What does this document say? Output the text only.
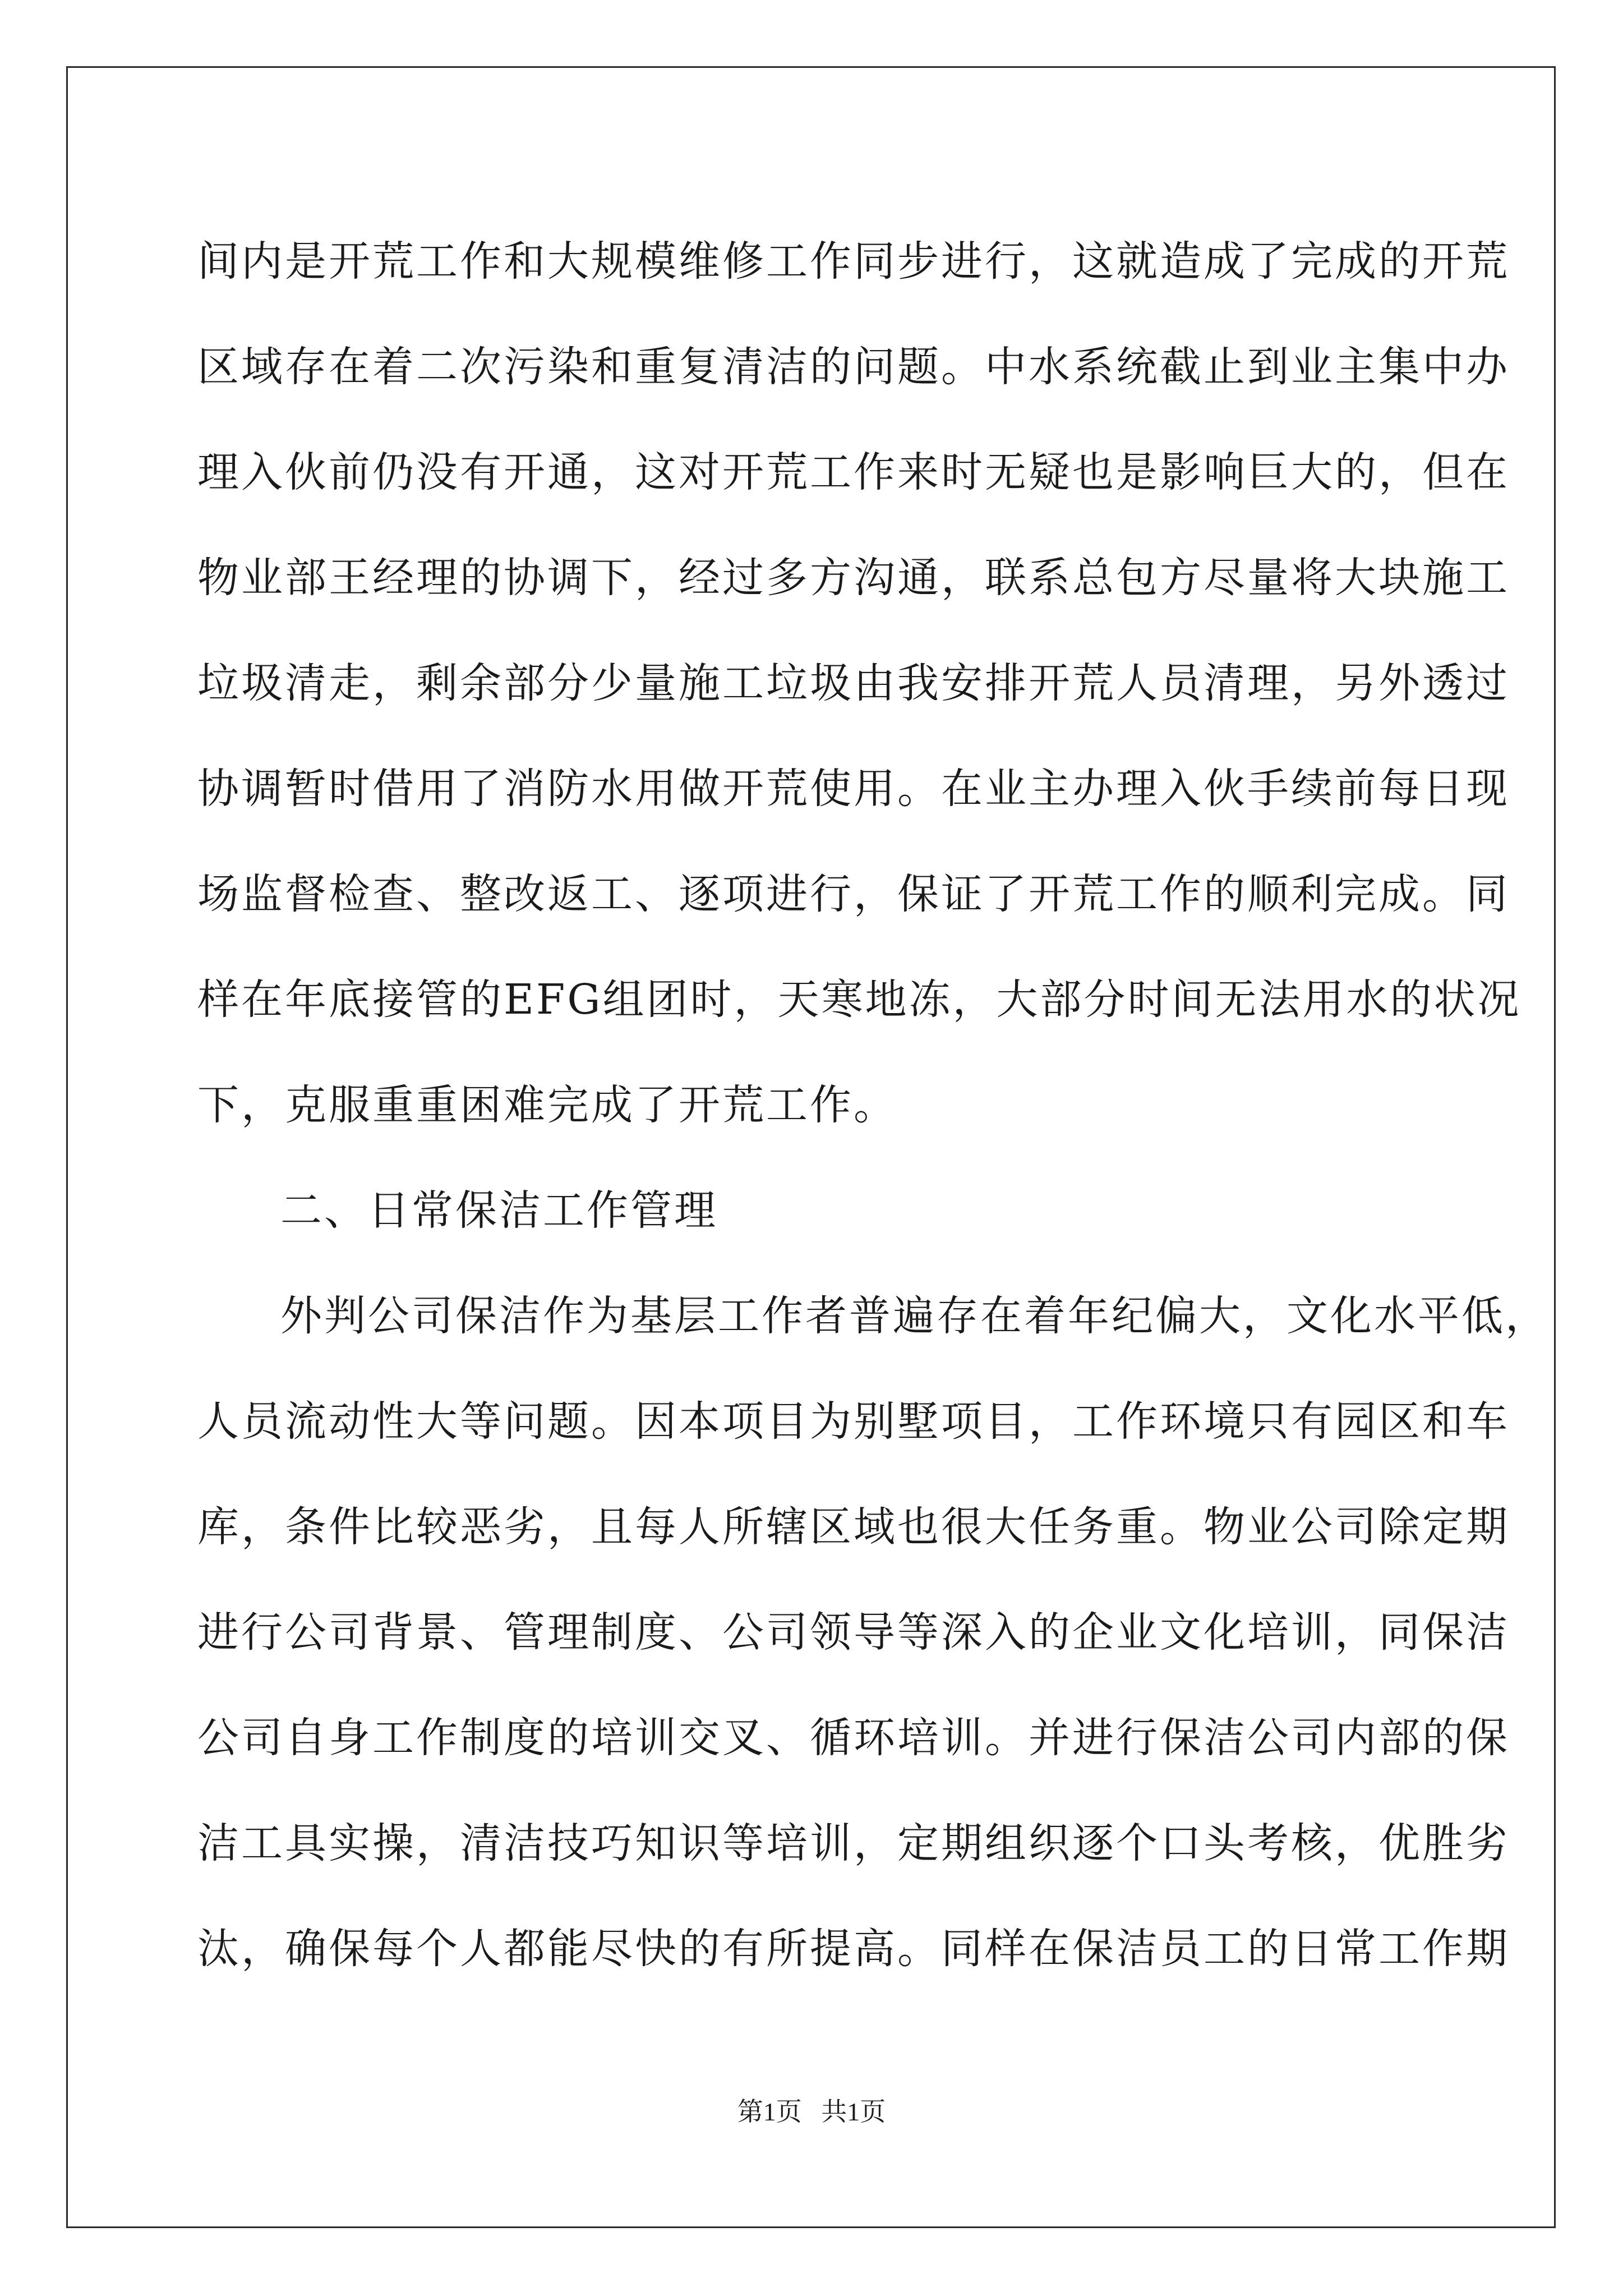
间内是开荒工作和大规模维修工作同步进行，这就造成了完成的开荒
区域存在着二次污染和重复清洁的问题。中水系统截止到业主集中办
理入伙前仍没有开通，这对开荒工作来时无疑也是影响巨大的，但在
物业部王经理的协调下，经过多方沟通，联系总包方尽量将大块施工
垃圾清走，剩余部分少量施工垃圾由我安排开荒人员清理，另外透过
协调暂时借用了消防水用做开荒使用。在业主办理入伙手续前每日现
场监督检查、整改返工、逐项进行，保证了开荒工作的顺利完成。同
样在年底接管的EFG组团时，天寒地冻，大部分时间无法用水的状况
下，克服重重困难完成了开荒工作。
二、日常保洁工作管理
外判公司保洁作为基层工作者普遍存在着年纪偏大，文化水平低，
人员流动性大等问题。因本项目为别墅项目，工作环境只有园区和车
库，条件比较恶劣，且每人所辖区域也很大任务重。物业公司除定期
进行公司背景、管理制度、公司领导等深入的企业文化培训，同保洁
公司自身工作制度的培训交叉、循环培训。并进行保洁公司内部的保
洁工具实操，清洁技巧知识等培训，定期组织逐个口头考核，优胜劣
汰，确保每个人都能尽快的有所提高。同样在保洁员工的日常工作期
第1页   共1页
